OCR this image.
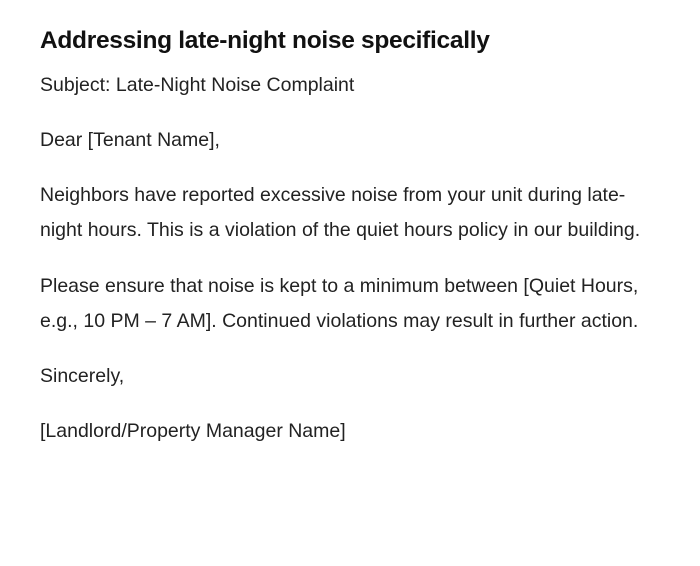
Addressing late-night noise specifically

Subject: Late-Night Noise Complaint

Dear [Tenant Name],

Neighbors have reported excessive noise from your unit during late-night hours. This is a violation of the quiet hours policy in our building.

Please ensure that noise is kept to a minimum between [Quiet Hours, e.g., 10 PM – 7 AM]. Continued violations may result in further action.

Sincerely,

[Landlord/Property Manager Name]
